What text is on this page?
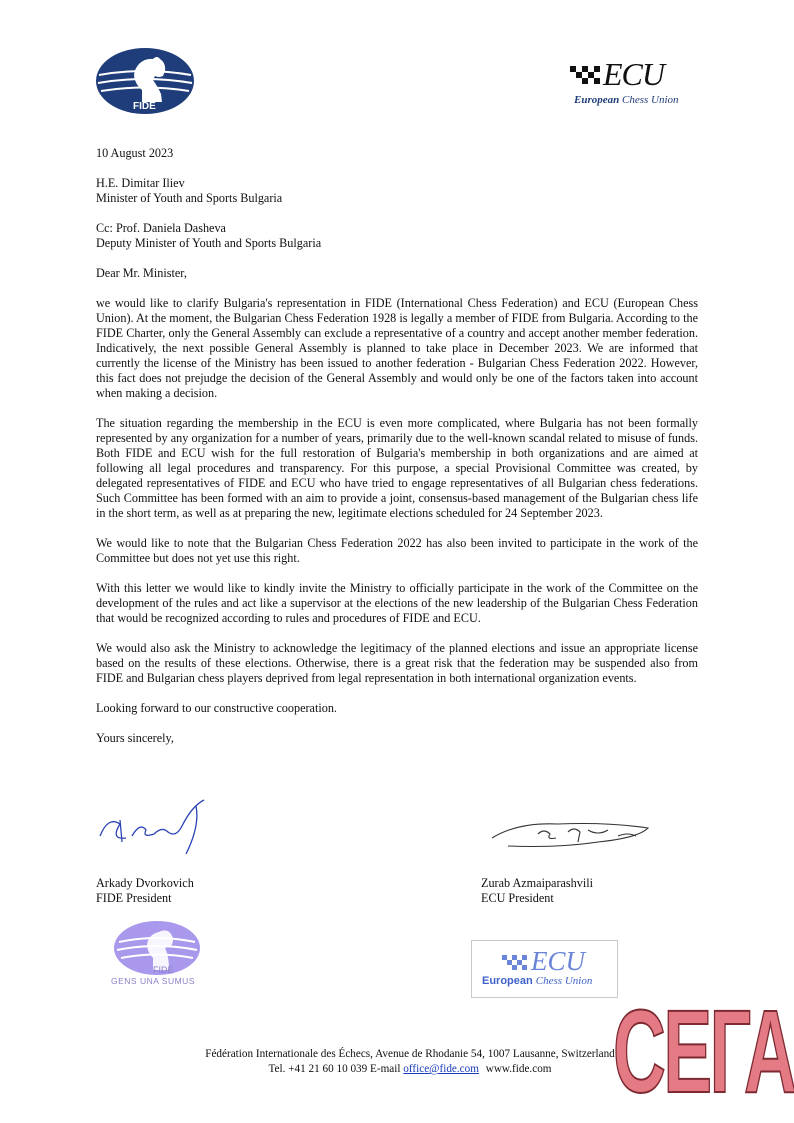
FIDE
ECU
European Chess Union

10 August 2023

H.E. Dimitar Iliev
Minister of Youth and Sports Bulgaria

Cc: Prof. Daniela Dasheva
Deputy Minister of Youth and Sports Bulgaria

Dear Mr. Minister,

we would like to clarify Bulgaria's representation in FIDE (International Chess Federation) and ECU (European Chess Union). At the moment, the Bulgarian Chess Federation 1928 is legally a member of FIDE from Bulgaria. According to the FIDE Charter, only the General Assembly can exclude a representative of a country and accept another member federation. Indicatively, the next possible General Assembly is planned to take place in December 2023. We are informed that currently the license of the Ministry has been issued to another federation - Bulgarian Chess Federation 2022. However, this fact does not prejudge the decision of the General Assembly and would only be one of the factors taken into account when making a decision.

The situation regarding the membership in the ECU is even more complicated, where Bulgaria has not been formally represented by any organization for a number of years, primarily due to the well-known scandal related to misuse of funds. Both FIDE and ECU wish for the full restoration of Bulgaria's membership in both organizations and are aimed at following all legal procedures and transparency. For this purpose, a special Provisional Committee was created, by delegated representatives of FIDE and ECU who have tried to engage representatives of all Bulgarian chess federations. Such Committee has been formed with an aim to provide a joint, consensus-based management of the Bulgarian chess life in the short term, as well as at preparing the new, legitimate elections scheduled for 24 September 2023.

We would like to note that the Bulgarian Chess Federation 2022 has also been invited to participate in the work of the Committee but does not yet use this right.

With this letter we would like to kindly invite the Ministry to officially participate in the work of the Committee on the development of the rules and act like a supervisor at the elections of the new leadership of the Bulgarian Chess Federation that would be recognized according to rules and procedures of FIDE and ECU.

We would also ask the Ministry to acknowledge the legitimacy of the planned elections and issue an appropriate license based on the results of these elections. Otherwise, there is a great risk that the federation may be suspended also from FIDE and Bulgarian chess players deprived from legal representation in both international organization events.

Looking forward to our constructive cooperation.

Yours sincerely,

Arkady Dvorkovich
FIDE President
Zurab Azmaiparashvili
ECU President
FIDE
GENS UNA SUMUS
ECU
European Chess Union
Fédération Internationale des Échecs, Avenue de Rhodanie 54, 1007 Lausanne, Switzerland
Tel. +41 21 60 10 039 E-mail office@fide.com www.fide.com СЕГА
